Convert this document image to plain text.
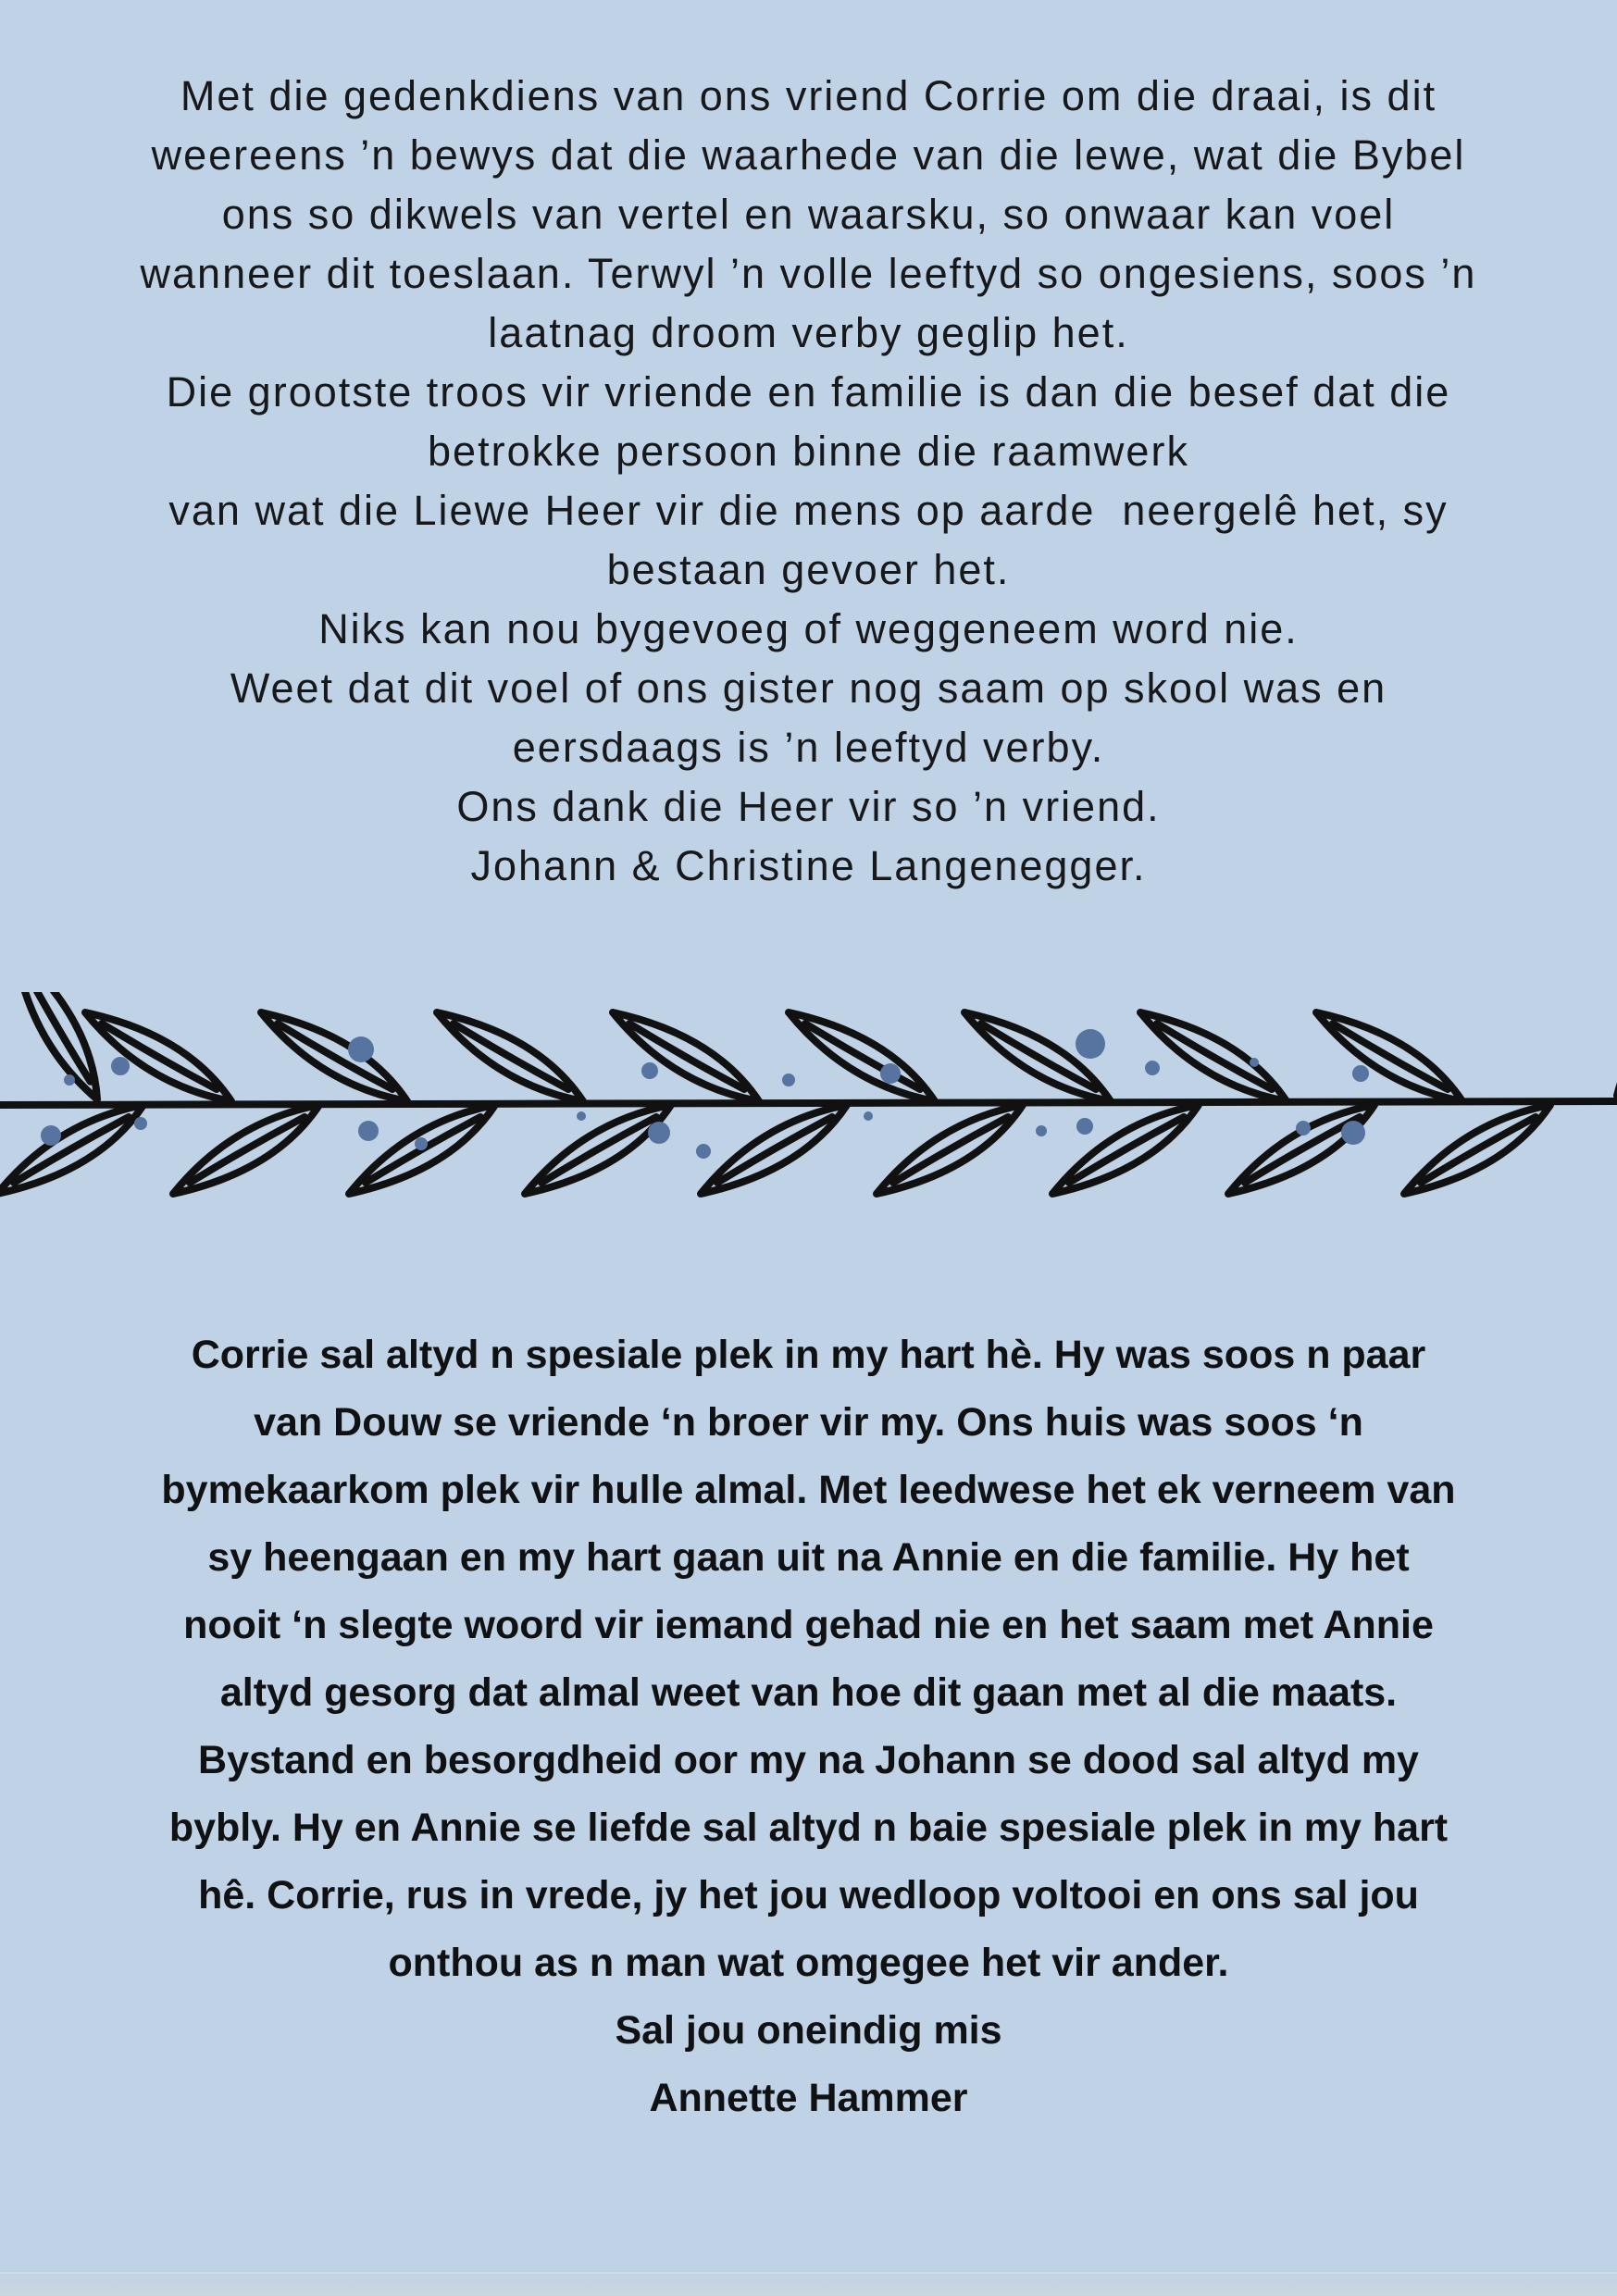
Met die gedenkdiens van ons vriend Corrie om die draai, is dit
weereens ’n bewys dat die waarhede van die lewe, wat die Bybel
ons so dikwels van vertel en waarsku, so onwaar kan voel
wanneer dit toeslaan. Terwyl ’n volle leeftyd so ongesiens, soos ’n
laatnag droom verby geglip het.
Die grootste troos vir vriende en familie is dan die besef dat die
betrokke persoon binne die raamwerk
van wat die Liewe Heer vir die mens op aarde  neergelê het, sy
bestaan gevoer het.
Niks kan nou bygevoeg of weggeneem word nie.
Weet dat dit voel of ons gister nog saam op skool was en
eersdaags is ’n leeftyd verby.
Ons dank die Heer vir so ’n vriend.
Johann & Christine Langenegger.
Corrie sal altyd n spesiale plek in my hart hè. Hy was soos n paar
van Douw se vriende ‘n broer vir my. Ons huis was soos ‘n
bymekaarkom plek vir hulle almal. Met leedwese het ek verneem van
sy heengaan en my hart gaan uit na Annie en die familie. Hy het
nooit ‘n slegte woord vir iemand gehad nie en het saam met Annie
altyd gesorg dat almal weet van hoe dit gaan met al die maats.
Bystand en besorgdheid oor my na Johann se dood sal altyd my
bybly. Hy en Annie se liefde sal altyd n baie spesiale plek in my hart
hê. Corrie, rus in vrede, jy het jou wedloop voltooi en ons sal jou
onthou as n man wat omgegee het vir ander.
Sal jou oneindig mis
Annette Hammer
